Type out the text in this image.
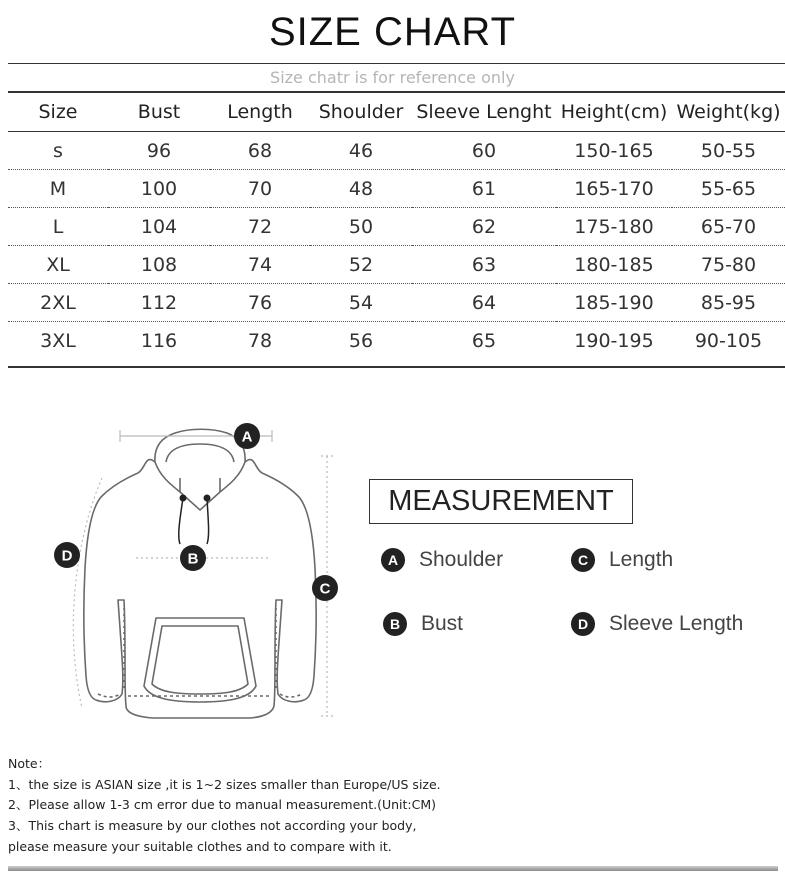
SIZE CHART
Size chatr is for reference only
Size	Bust	Length	Shoulder	Sleeve Lenght	Height(cm)	Weight(kg)
s	96	68	46	60	150-165	50-55
M	100	70	48	61	165-170	55-65
L	104	72	50	62	175-180	65-70
XL	108	74	52	63	180-185	75-80
2XL	112	76	54	64	185-190	85-95
3XL	116	78	56	65	190-195	90-105
A
B
C
D
MEASUREMENT
A Shoulder	C Length
B Bust	D Sleeve Length
Note：
1、the size is ASIAN size ,it is 1~2 sizes smaller than Europe/US size.
2、Please allow 1-3 cm error due to manual measurement.(Unit:CM)
3、This chart is measure by our clothes not according your body,
please measure your suitable clothes and to compare with it.
